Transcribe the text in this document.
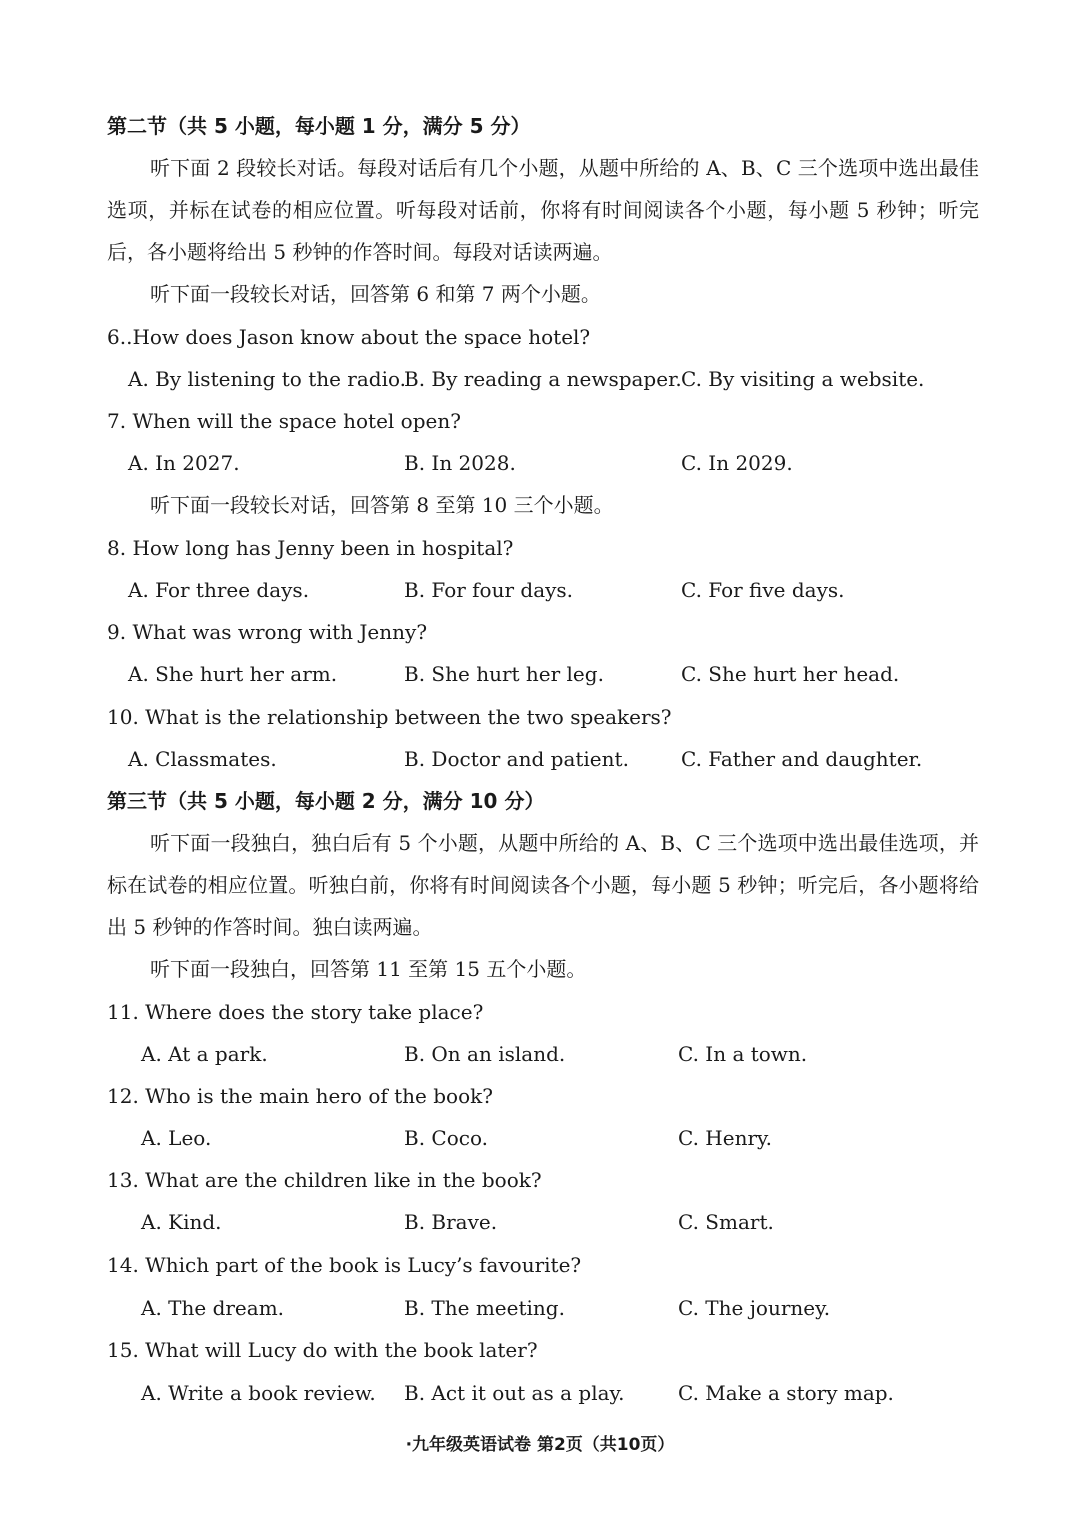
第二节（共 5 小题，每小题 1 分，满分 5 分）
听下面 2 段较长对话。每段对话后有几个小题，从题中所给的 A、B、C 三个选项中选出最佳选项，并标在试卷的相应位置。听每段对话前，你将有时间阅读各个小题，每小题 5 秒钟；听完后，各小题将给出 5 秒钟的作答时间。每段对话读两遍。
听下面一段较长对话，回答第 6 和第 7 两个小题。
6..How does Jason know about the space hotel?
A. By listening to the radio.
B. By reading a newspaper. C. By visiting a website.
7. When will the space hotel open?
A. In 2027.	B. In 2028.	C. In 2029.
听下面一段较长对话，回答第 8 至第 10 三个小题。
8. How long has Jenny been in hospital?
A. For three days.	B. For four days.	C. For five days.
9. What was wrong with Jenny?
A. She hurt her arm.	B. She hurt her leg.	C. She hurt her head.
10. What is the relationship between the two speakers?
A. Classmates.	B. Doctor and patient.	C. Father and daughter.
第三节（共 5 小题，每小题 2 分，满分 10 分）
听下面一段独白，独白后有 5 个小题，从题中所给的 A、B、C 三个选项中选出最佳选项，并标在试卷的相应位置。听独白前，你将有时间阅读各个小题，每小题 5 秒钟；听完后，各小题将给出 5 秒钟的作答时间。独白读两遍。
听下面一段独白，回答第 11 至第 15 五个小题。
11. Where does the story take place?
A. At a park.	B. On an island.	C. In a town.
12. Who is the main hero of the book?
A. Leo.	B. Coco.	C. Henry.
13. What are the children like in the book?
A. Kind.	B. Brave.	C. Smart.
14. Which part of the book is Lucy’s favourite?
A. The dream.	B. The meeting.	C. The journey.
15. What will Lucy do with the book later?
A. Write a book review. B. Act it out as a play.	C. Make a story map.
·九年级英语试卷 第2页（共10页）
